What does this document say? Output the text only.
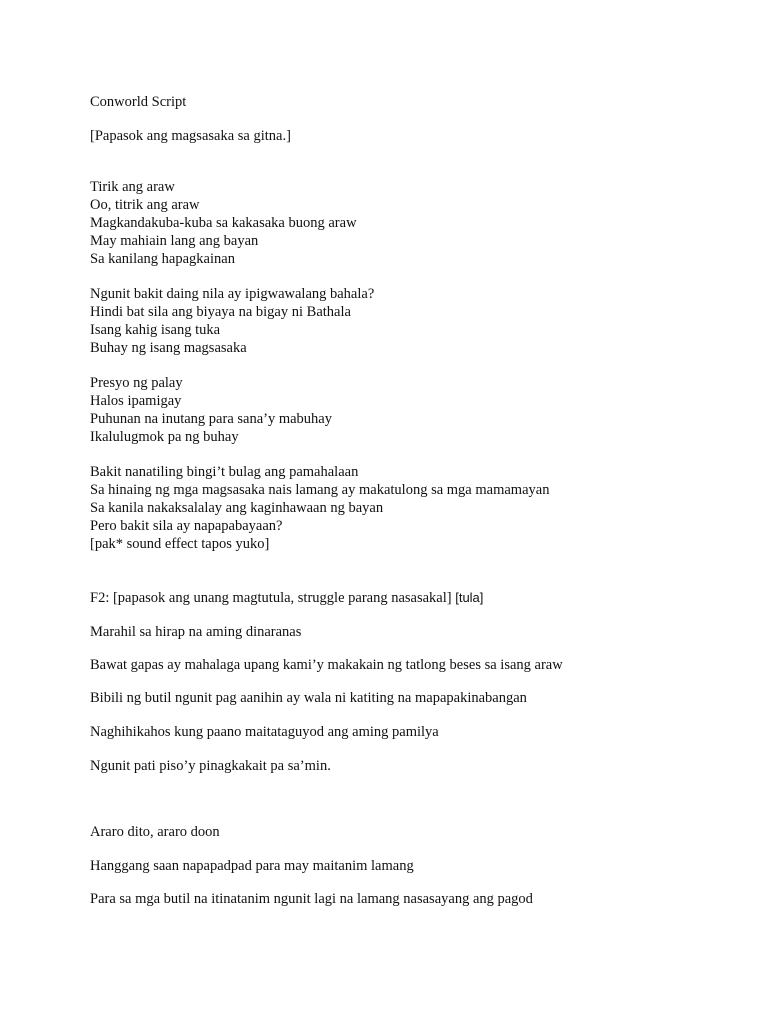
Conworld Script
[Papasok ang magsasaka sa gitna.]
Tirik ang araw
Oo, titrik ang araw
Magkandakuba-kuba sa kakasaka buong araw
May mahiain lang ang bayan
Sa kanilang hapagkainan
Ngunit bakit daing nila ay ipigwawalang bahala?
Hindi bat sila ang biyaya na bigay ni Bathala
Isang kahig isang tuka
Buhay ng isang magsasaka
Presyo ng palay
Halos ipamigay
Puhunan na inutang para sana’y mabuhay
Ikalulugmok pa ng buhay
Bakit nanatiling bingi’t bulag ang pamahalaan
Sa hinaing ng mga magsasaka nais lamang ay makatulong sa mga mamamayan
Sa kanila nakaksalalay ang kaginhawaan ng bayan
Pero bakit sila ay napapabayaan?
[pak* sound effect tapos yuko]
F2: [papasok ang unang magtutula, struggle parang nasasakal] [tula]
Marahil sa hirap na aming dinaranas
Bawat gapas ay mahalaga upang kami’y makakain ng tatlong beses sa isang araw
Bibili ng butil ngunit pag aanihin ay wala ni katiting na mapapakinabangan
Naghihikahos kung paano maitataguyod ang aming pamilya
Ngunit pati piso’y pinagkakait pa sa’min.
Araro dito, araro doon
Hanggang saan napapadpad para may maitanim lamang
Para sa mga butil na itinatanim ngunit lagi na lamang nasasayang ang pagod
